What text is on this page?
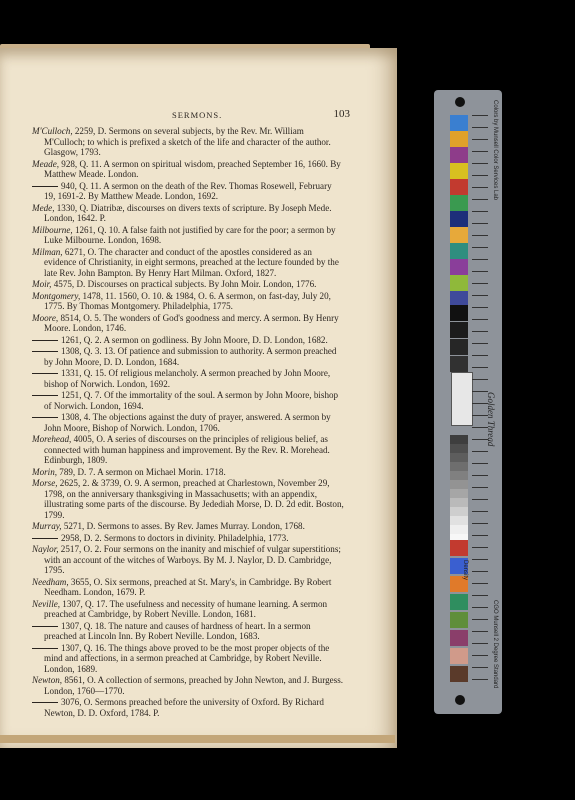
SERMONS.	103
M'Culloch, 2259, D. Sermons on several subjects, by the Rev. Mr. William M'Culloch; to which is prefixed a sketch of the life and character of the author. Glasgow, 1793.
Meade, 928, Q. 11. A sermon on spiritual wisdom, preached September 16, 1660. By Matthew Meade. London.
940, Q. 11. A sermon on the death of the Rev. Thomas Rosewell, February 19, 1691-2. By Matthew Meade. London, 1692.
Mede, 1330, Q. Diatribæ, discourses on divers texts of scripture. By Joseph Mede. London, 1642. P.
Milbourne, 1261, Q. 10. A false faith not justified by care for the poor; a sermon by Luke Milbourne. London, 1698.
Milman, 6271, O. The character and conduct of the apostles considered as an evidence of Christianity, in eight sermons, preached at the lecture founded by the late Rev. John Bampton. By Henry Hart Milman. Oxford, 1827.
Moir, 4575, D. Discourses on practical subjects. By John Moir. London, 1776.
Montgomery, 1478, 11. 1560, O. 10. & 1984, O. 6. A sermon, on fast-day, July 20, 1775. By Thomas Montgomery. Philadelphia, 1775.
Moore, 8514, O. 5. The wonders of God's goodness and mercy. A sermon. By Henry Moore. London, 1746.
1261, Q. 2. A sermon on godliness. By John Moore, D. D. London, 1682.
1308, Q. 3. 13. Of patience and submission to authority. A sermon preached by John Moore, D. D. London, 1684.
1331, Q. 15. Of religious melancholy. A sermon preached by John Moore, bishop of Norwich. London, 1692.
1251, Q. 7. Of the immortality of the soul. A sermon by John Moore, bishop of Norwich. London, 1694.
1308, 4. The objections against the duty of prayer, answered. A sermon by John Moore, Bishop of Norwich. London, 1706.
Morehead, 4005, O. A series of discourses on the principles of religious belief, as connected with human happiness and improvement. By the Rev. R. Morehead. Edinburgh, 1809.
Morin, 789, D. 7. A sermon on Michael Morin. 1718.
Morse, 2625, 2. & 3739, O. 9. A sermon, preached at Charlestown, November 29, 1798, on the anniversary thanksgiving in Massachusetts; with an appendix, illustrating some parts of the discourse. By Jedediah Morse, D. D. 2d edit. Boston, 1799.
Murray, 5271, D. Sermons to asses. By Rev. James Murray. London, 1768.
2958, D. 2. Sermons to doctors in divinity. Philadelphia, 1773.
Naylor, 2517, O. 2. Four sermons on the inanity and mischief of vulgar superstitions; with an account of the witches of Warboys. By M. J. Naylor, D. D. Cambridge, 1795.
Needham, 3655, O. Six sermons, preached at St. Mary's, in Cambridge. By Robert Needham. London, 1679. P.
Neville, 1307, Q. 17. The usefulness and necessity of humane learning. A sermon preached at Cambridge, by Robert Neville. London, 1681.
1307, Q. 18. The nature and causes of hardness of heart. In a sermon preached at Lincoln Inn. By Robert Neville. London, 1683.
1307, Q. 16. The things above proved to be the most proper objects of the mind and affections, in a sermon preached at Cambridge, by Robert Neville. London, 1689.
Newton, 8561, O. A collection of sermons, preached by John Newton, and J. Burgess. London, 1760—1770.
3076, O. Sermons preached before the university of Oxford. By Richard Newton, D. D. Oxford, 1784. P.
Colors by Munsell Color Services Lab
Golden Thread
Density
CGO Munsell 2 Degree Standard
